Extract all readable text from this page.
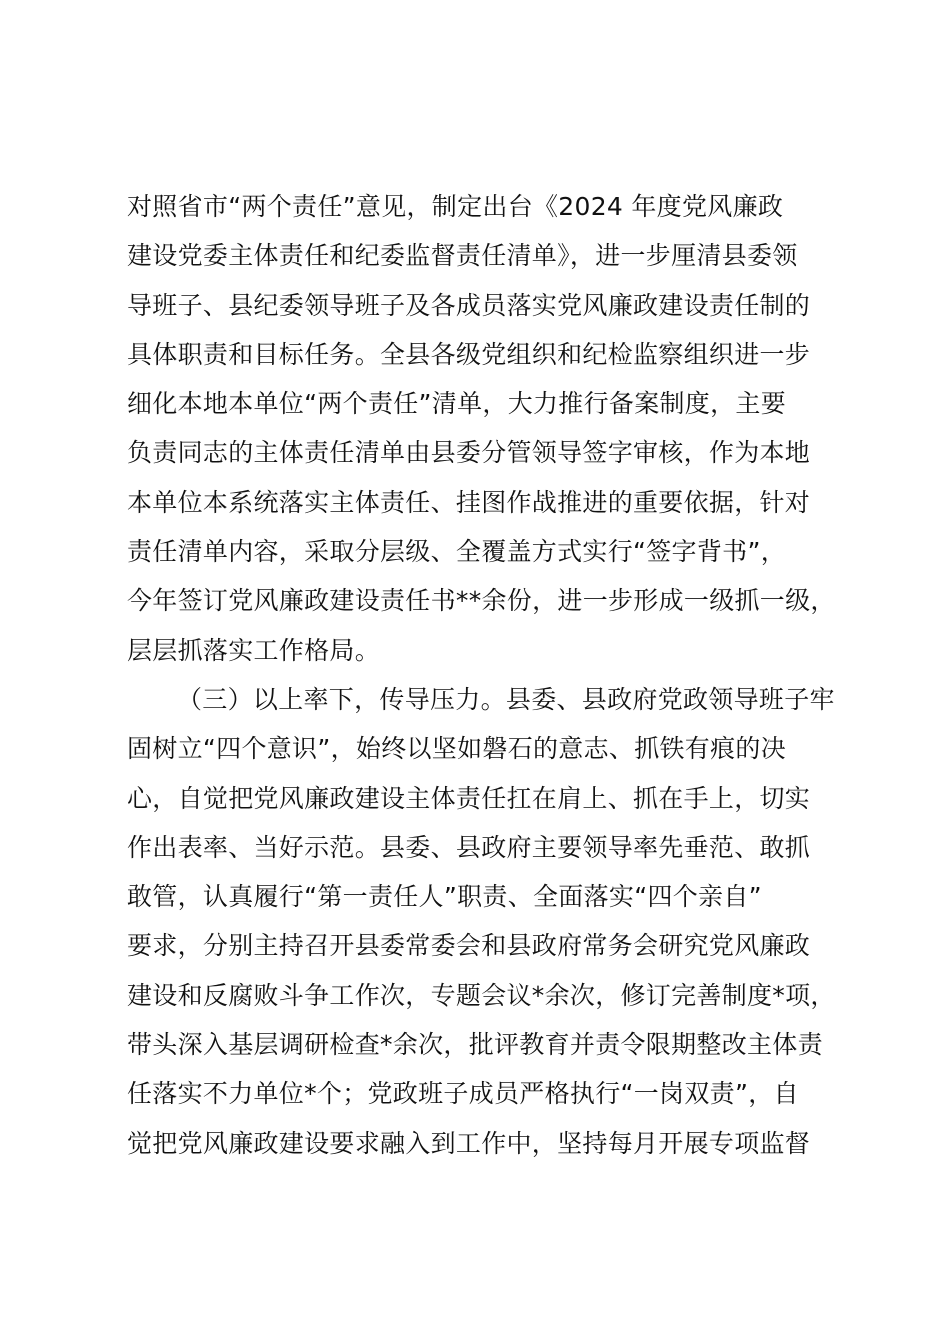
对照省市“两个责任”意见，制定出台《2024 年度党风廉政
建设党委主体责任和纪委监督责任清单》，进一步厘清县委领
导班子、县纪委领导班子及各成员落实党风廉政建设责任制的
具体职责和目标任务。全县各级党组织和纪检监察组织进一步
细化本地本单位“两个责任”清单，大力推行备案制度，主要
负责同志的主体责任清单由县委分管领导签字审核，作为本地
本单位本系统落实主体责任、挂图作战推进的重要依据，针对
责任清单内容，采取分层级、全覆盖方式实行“签字背书”，
今年签订党风廉政建设责任书**余份，进一步形成一级抓一级，
层层抓落实工作格局。
（三）以上率下，传导压力。县委、县政府党政领导班子牢
固树立“四个意识”，始终以坚如磐石的意志、抓铁有痕的决
心，自觉把党风廉政建设主体责任扛在肩上、抓在手上，切实
作出表率、当好示范。县委、县政府主要领导率先垂范、敢抓
敢管，认真履行“第一责任人”职责、全面落实“四个亲自”
要求，分别主持召开县委常委会和县政府常务会研究党风廉政
建设和反腐败斗争工作次，专题会议*余次，修订完善制度*项，
带头深入基层调研检查*余次，批评教育并责令限期整改主体责
任落实不力单位*个；党政班子成员严格执行“一岗双责”，自
觉把党风廉政建设要求融入到工作中，坚持每月开展专项监督
